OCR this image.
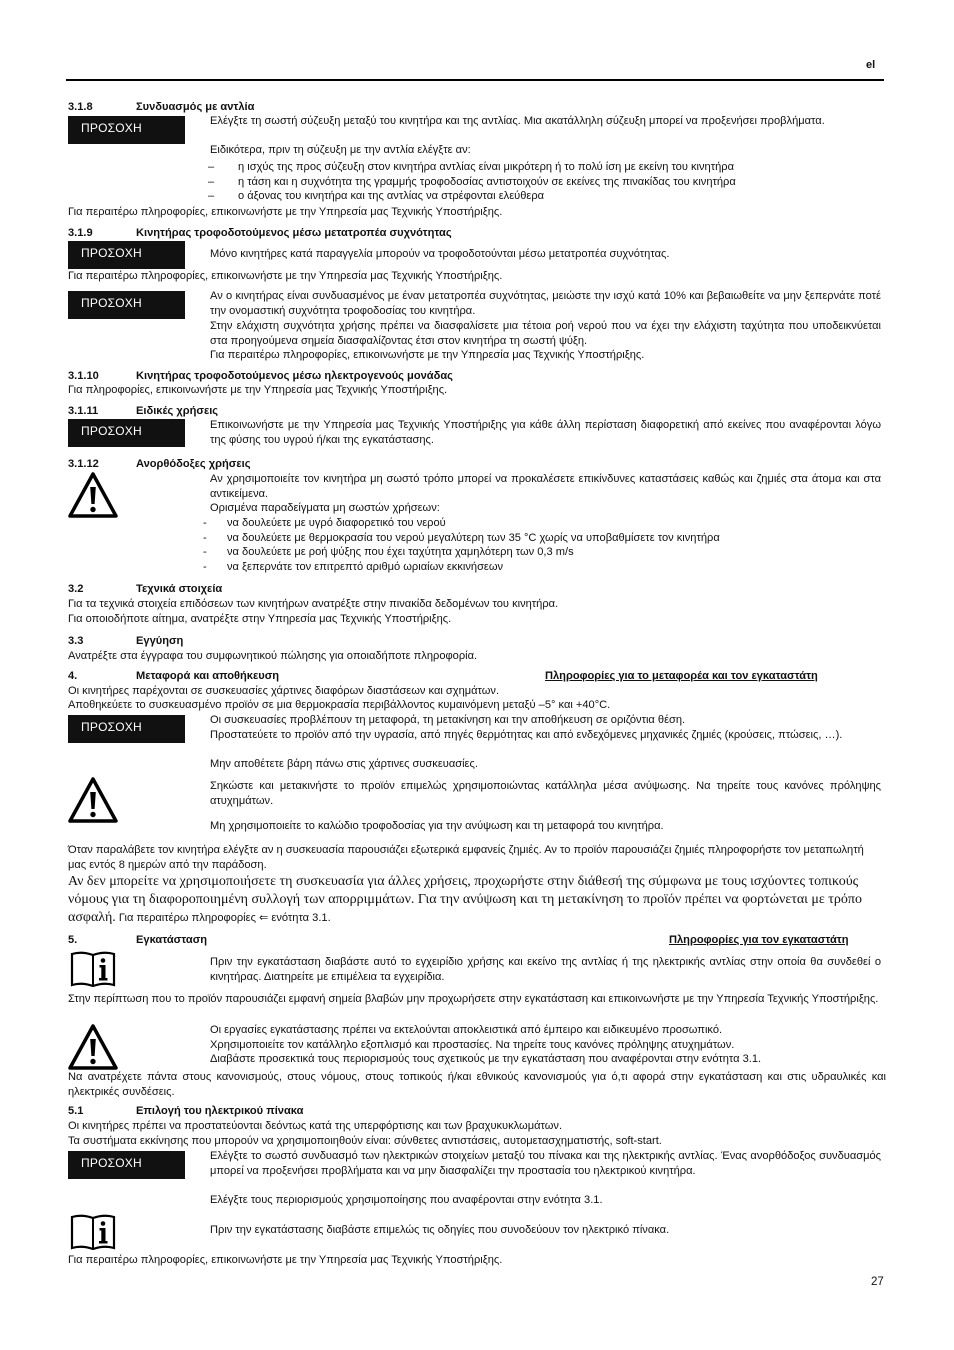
el
3.1.8	Συνδυασμός με αντλία
ΠΡΟΣΟΧΗ	Ελέγξτε τη σωστή σύζευξη μεταξύ του κινητήρα και της αντλίας. Μια ακατάλληλη σύζευξη μπορεί να προξενήσει προβλήματα.
Ειδικότερα, πριν τη σύζευξη με την αντλία ελέγξτε αν:
– η ισχύς της προς σύζευξη στον κινητήρα αντλίας είναι μικρότερη ή το πολύ ίση με εκείνη του κινητήρα
– η τάση και η συχνότητα της γραμμής τροφοδοσίας αντιστοιχούν σε εκείνες της πινακίδας του κινητήρα
– ο άξονας του κινητήρα και της αντλίας να στρέφονται ελεύθερα
Για περαιτέρω πληροφορίες, επικοινωνήστε με την Υπηρεσία μας Τεχνικής Υποστήριξης.
3.1.9	Κινητήρας τροφοδοτούμενος μέσω μετατροπέα συχνότητας
ΠΡΟΣΟΧΗ	Μόνο κινητήρες κατά παραγγελία μπορούν να τροφοδοτούνται μέσω μετατροπέα συχνότητας.
Για περαιτέρω πληροφορίες, επικοινωνήστε με την Υπηρεσία μας Τεχνικής Υποστήριξης.
ΠΡΟΣΟΧΗ	Αν ο κινητήρας είναι συνδυασμένος με έναν μετατροπέα συχνότητας, μειώστε την ισχύ κατά 10% και βεβαιωθείτε να μην ξεπερνάτε ποτέ την ονομαστική συχνότητα τροφοδοσίας του κινητήρα.
Στην ελάχιστη συχνότητα χρήσης πρέπει να διασφαλίσετε μια τέτοια ροή νερού που να έχει την ελάχιστη ταχύτητα που υποδεικνύεται στα προηγούμενα σημεία διασφαλίζοντας έτσι στον κινητήρα τη σωστή ψύξη.
Για περαιτέρω πληροφορίες, επικοινωνήστε με την Υπηρεσία μας Τεχνικής Υποστήριξης.
3.1.10	Κινητήρας τροφοδοτούμενος μέσω ηλεκτρογενούς μονάδας
Για πληροφορίες, επικοινωνήστε με την Υπηρεσία μας Τεχνικής Υποστήριξης.
3.1.11	Ειδικές χρήσεις
ΠΡΟΣΟΧΗ	Επικοινωνήστε με την Υπηρεσία μας Τεχνικής Υποστήριξης για κάθε άλλη περίσταση διαφορετική από εκείνες που αναφέρονται λόγω της φύσης του υγρού ή/και της εγκατάστασης.
3.1.12	Ανορθόδοξες χρήσεις
Αν χρησιμοποιείτε τον κινητήρα μη σωστό τρόπο μπορεί να προκαλέσετε επικίνδυνες καταστάσεις καθώς και ζημιές στα άτομα και στα αντικείμενα.
Ορισμένα παραδείγματα μη σωστών χρήσεων:
- να δουλεύετε με υγρό διαφορετικό του νερού
- να δουλεύετε με θερμοκρασία του νερού μεγαλύτερη των 35 °C χωρίς να υποβαθμίσετε τον κινητήρα
- να δουλεύετε με ροή ψύξης που έχει ταχύτητα χαμηλότερη των 0,3 m/s
- να ξεπερνάτε τον επιτρεπτό αριθμό ωριαίων εκκινήσεων
3.2	Τεχνικά στοιχεία
Για τα τεχνικά στοιχεία επιδόσεων των κινητήρων ανατρέξτε στην πινακίδα δεδομένων του κινητήρα.
Για οποιοδήποτε αίτημα, ανατρέξτε στην Υπηρεσία μας Τεχνικής Υποστήριξης.
3.3	Εγγύηση
Ανατρέξτε στα έγγραφα του συμφωνητικού πώλησης για οποιαδήποτε πληροφορία.
4.	Μεταφορά και αποθήκευση	Πληροφορίες για το μεταφορέα και τον εγκαταστάτη
Οι κινητήρες παρέχονται σε συσκευασίες χάρτινες διαφόρων διαστάσεων και σχημάτων.
Αποθηκεύετε το συσκευασμένο προϊόν σε μια θερμοκρασία περιβάλλοντος κυμαινόμενη μεταξύ –5° και +40°C.
ΠΡΟΣΟΧΗ	Οι συσκευασίες προβλέπουν τη μεταφορά, τη μετακίνηση και την αποθήκευση σε οριζόντια θέση.
Προστατεύετε το προϊόν από την υγρασία, από πηγές θερμότητας και από ενδεχόμενες μηχανικές ζημιές (κρούσεις, πτώσεις, …).
Μην αποθέτετε βάρη πάνω στις χάρτινες συσκευασίες.
Σηκώστε και μετακινήστε το προϊόν επιμελώς χρησιμοποιώντας κατάλληλα μέσα ανύψωσης. Να τηρείτε τους κανόνες πρόληψης ατυχημάτων.
Μη χρησιμοποιείτε το καλώδιο τροφοδοσίας για την ανύψωση και τη μεταφορά του κινητήρα.
Όταν παραλάβετε τον κινητήρα ελέγξτε αν η συσκευασία παρουσιάζει εξωτερικά εμφανείς ζημιές. Αν το προϊόν παρουσιάζει ζημιές πληροφορήστε τον μεταπωλητή μας εντός 8 ημερών από την παράδοση.
Αν δεν μπορείτε να χρησιμοποιήσετε τη συσκευασία για άλλες χρήσεις, προχωρήστε στην διάθεσή της σύμφωνα με τους ισχύοντες τοπικούς νόμους για τη διαφοροποιημένη συλλογή των απορριμμάτων. Για την ανύψωση και τη μετακίνηση το προϊόν πρέπει να φορτώνεται με τρόπο ασφαλή. Για περαιτέρω πληροφορίες ⇐ ενότητα 3.1.
5.	Εγκατάσταση	Πληροφορίες για τον εγκαταστάτη
Πριν την εγκατάσταση διαβάστε αυτό το εγχειρίδιο χρήσης και εκείνο της αντλίας ή της ηλεκτρικής αντλίας στην οποία θα συνδεθεί ο κινητήρας. Διατηρείτε με επιμέλεια τα εγχειρίδια.
Στην περίπτωση που το προϊόν παρουσιάζει εμφανή σημεία βλαβών μην προχωρήσετε στην εγκατάσταση και επικοινωνήστε με την Υπηρεσία Τεχνικής Υποστήριξης.
Οι εργασίες εγκατάστασης πρέπει να εκτελούνται αποκλειστικά από έμπειρο και ειδικευμένο προσωπικό.
Χρησιμοποιείτε τον κατάλληλο εξοπλισμό και προστασίες. Να τηρείτε τους κανόνες πρόληψης ατυχημάτων.
Διαβάστε προσεκτικά τους περιορισμούς τους σχετικούς με την εγκατάσταση που αναφέρονται στην ενότητα 3.1.
Να ανατρέχετε πάντα στους κανονισμούς, στους νόμους, στους τοπικούς ή/και εθνικούς κανονισμούς για ό,τι αφορά στην εγκατάσταση και στις υδραυλικές και ηλεκτρικές συνδέσεις.
5.1	Επιλογή του ηλεκτρικού πίνακα
Οι κινητήρες πρέπει να προστατεύονται δεόντως κατά της υπερφόρτισης και των βραχυκυκλωμάτων.
Τα συστήματα εκκίνησης που μπορούν να χρησιμοποιηθούν είναι: σύνθετες αντιστάσεις, αυτομετασχηματιστής, soft-start.
ΠΡΟΣΟΧΗ	Ελέγξτε το σωστό συνδυασμό των ηλεκτρικών στοιχείων μεταξύ του πίνακα και της ηλεκτρικής αντλίας. Ένας ανορθόδοξος συνδυασμός μπορεί να προξενήσει προβλήματα και να μην διασφαλίζει την προστασία του ηλεκτρικού κινητήρα.
Ελέγξτε τους περιορισμούς χρησιμοποίησης που αναφέρονται στην ενότητα 3.1.
Πριν την εγκατάστασης διαβάστε επιμελώς τις οδηγίες που συνοδεύουν τον ηλεκτρικό πίνακα.
Για περαιτέρω πληροφορίες, επικοινωνήστε με την Υπηρεσία μας Τεχνικής Υποστήριξης.
27
